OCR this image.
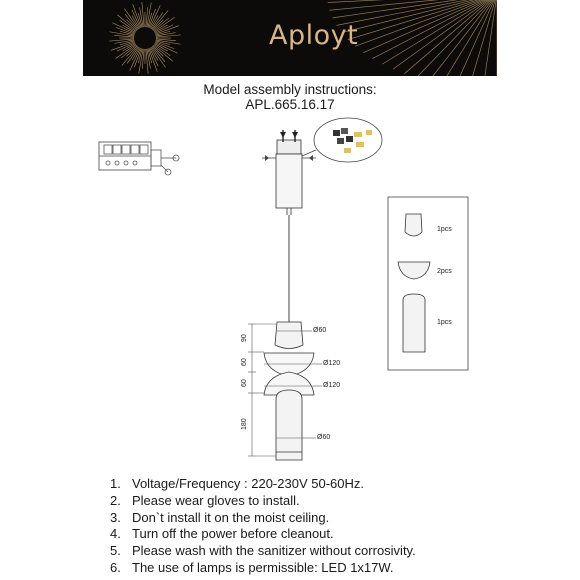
Aployt
Model assembly instructions:
APL.665.16.17
90
60
60
180
Ø60
Ø120
Ø120
Ø60
1pcs
2pcs
1pcs
1. Voltage/Frequency : 220-230V 50-60Hz.
2. Please wear gloves to install.
3. Don`t install it on the moist ceiling.
4. Turn off the power before cleanout.
5. Please wash with the sanitizer without corrosivity.
6. The use of lamps is permissible: LED 1x17W.
